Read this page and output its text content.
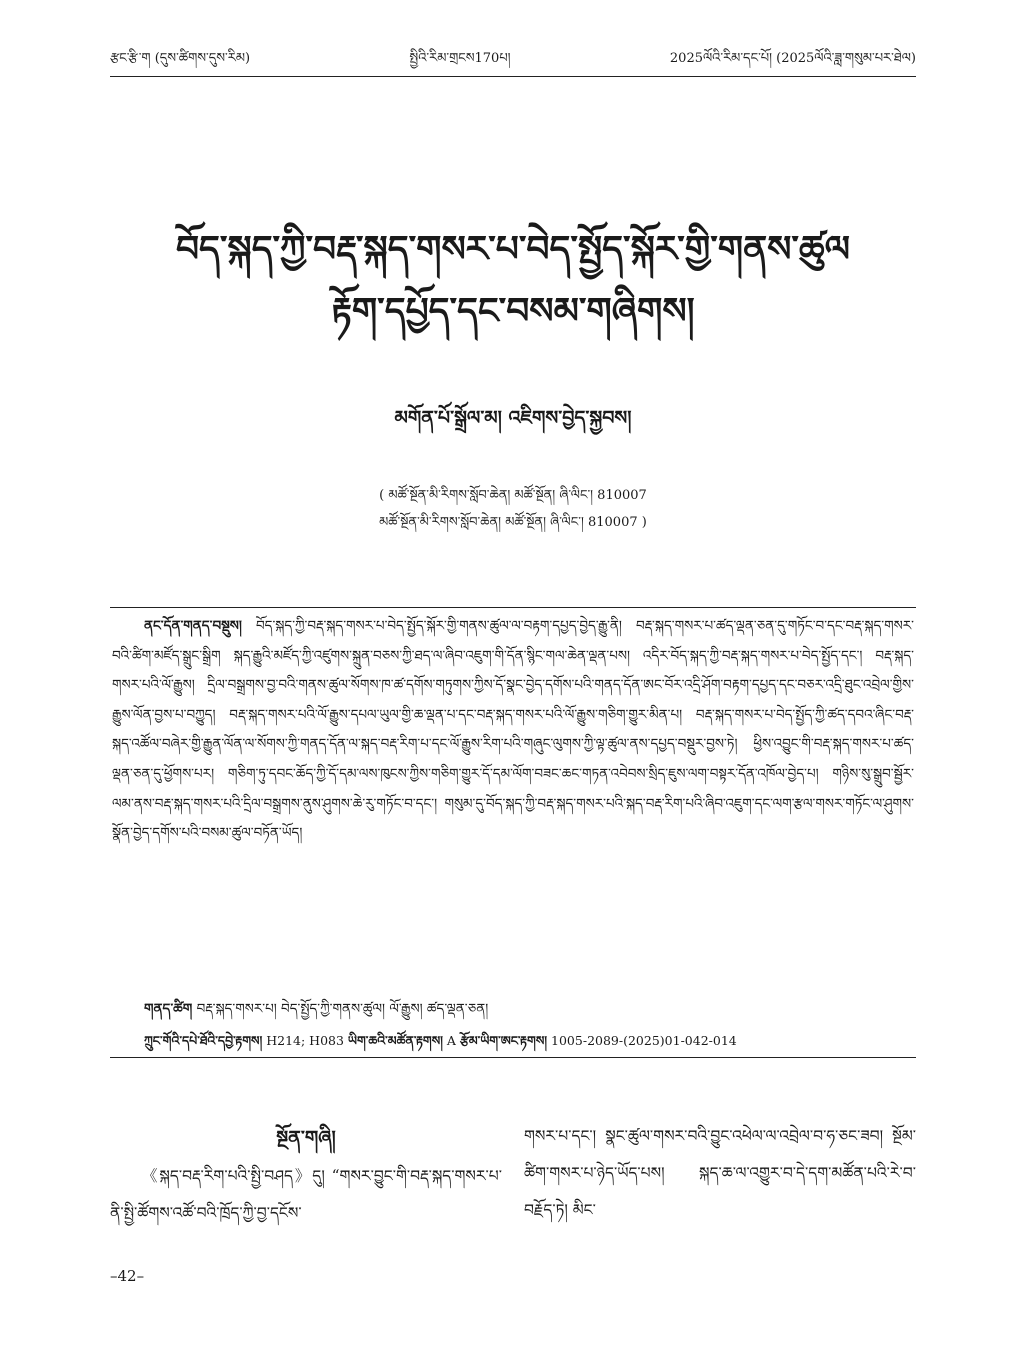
རྩང་རྩི་ག (དུས་ཚིགས་དུས་རིམ)	སྤྱིའི་རིམ་གྲངས170པ།	2025ལོའི་རིམ་དང་པོ། (2025ལོའི་ཟླ་གསུམ་པར་ཐེལ)
བོད་སྐད་ཀྱི་བརྡ་སྐད་གསར་པ་བེད་སྤྱོད་སྐོར་གྱི་གནས་ཚུལ
རྟོག་དཔྱོད་དང་བསམ་གཞིགས།
མགོན་པོ་སྒྲོལ་མ། འཇིགས་བྱེད་སྐྱབས།
( མཚོ་སྔོན་མི་རིགས་སློབ་ཆེན། མཚོ་སྔོན། ཞི་ལིང་། 810007
མཚོ་སྔོན་མི་རིགས་སློབ་ཆེན། མཚོ་སྔོན། ཞི་ལིང་། 810007 )

ནང་དོན་གནད་བསྡུས། བོད་སྐད་ཀྱི་བརྡ་སྐད་གསར་པ་བེད་སྤྱོད་སྐོར་གྱི་གནས་ཚུལ་ལ་བརྟག་དཔྱད་བྱེད་རྒྱུ་ནི། བརྡ་སྐད་གསར་པ་ཚད་ལྡན་ཅན་དུ་གཏོང་བ་དང་བརྡ་སྐད་གསར་བའི་ཚིག་མཛོད་སྒྲུང་སྒྲིག སྐད་རྒྱུའི་མཛོད་ཀྱི་འཛུགས་སྐྲུན་བཅས་ཀྱི་ཐད་ལ་ཞིབ་འཇུག་གི་དོན་སྙིང་གལ་ཆེན་ལྡན་པས། འདིར་བོད་སྐད་ཀྱི་བརྡ་སྐད་གསར་པ་བེད་སྤྱོད་དང་། བརྡ་སྐད་གསར་པའི་ལོ་རྒྱུས། དྲིལ་བསྒྲགས་བྱ་བའི་གནས་ཚུལ་སོགས་ཁ་ཚ་དགོས་གཏུགས་ཀྱིས་དོ་སྣང་བྱེད་དགོས་པའི་གནད་དོན་ཨང་བོར་འདྲི་ཤོག་བརྟག་དཔྱད་དང་བཅར་འདྲི་ཐུང་འབྲེལ་གྱིས་རྒྱུས་ལོན་བྱས་པ་བཀྱུད། བརྡ་སྐད་གསར་པའི་ལོ་རྒྱུས་དཔལ་ཡུལ་གྱི་ཆ་ལྡན་པ་དང་བརྡ་སྐད་གསར་པའི་ལོ་རྒྱུས་གཅིག་གྱུར་མིན་པ། བརྡ་སྐད་གསར་པ་བེད་སྤྱོད་ཀྱི་ཚད་དབའ་ཞིང་བརྡ་སྐད་འཚོལ་བཞེར་གྱི་རྒྱུན་ལོན་ལ་སོགས་ཀྱི་གནད་དོན་ལ་སྐད་བརྡ་རིག་པ་དང་ལོ་རྒྱུས་རིག་པའི་གཞུང་ལུགས་ཀྱི་ལྟ་ཚུལ་ནས་དཔྱད་བསྡུར་བྱས་ཏེ། ཕྱིས་འབྱུང་གི་བརྡ་སྐད་གསར་པ་ཚད་ལྡན་ཅན་དུ་ཕྱོགས་པར། གཅིག་ཏུ་དབང་ཆོད་ཀྱི་དོ་དམ་ལས་ཁུངས་ཀྱིས་གཅིག་གྱུར་དོ་དམ་ལོག་བཟང་ཆང་གཏན་འབེབས་སྲིད་ཇུས་ལག་བསྟར་དོན་འཁོལ་བྱེད་པ། གཉིས་སུ་སྒྲུབ་སྦྱོར་ལམ་ནས་བརྡ་སྐད་གསར་པའི་དྲིལ་བསྒྲགས་ནུས་ཤུགས་ཆེ་རུ་གཏོང་བ་དང་། གསུམ་དུ་བོད་སྐད་ཀྱི་བརྡ་སྐད་གསར་པའི་སྐད་བརྡ་རིག་པའི་ཞིབ་འཇུག་དང་ལག་རྩལ་གསར་གཏོང་ལ་ཤུགས་སྣོན་བྱེད་དགོས་པའི་བསམ་ཚུལ་བཏོན་ཡོད།

གནད་ཚིག བརྡ་སྐད་གསར་པ། བེད་སྤྱོད་ཀྱི་གནས་ཚུལ། ལོ་རྒྱུས། ཚད་ལྡན་ཅན།
ཀྲུང་གོའི་དཔེ་ཐོའི་དབྱེ་རྟགས། H214; H083 ཡིག་ཆའི་མཚོན་རྟགས། A རྩོམ་ཡིག་ཨང་རྟགས། 1005-2089-(2025)01-042-014
སྔོན་གཞི།

《སྐད་བརྡ་རིག་པའི་སྤྱི་བཤད》དུ། “གསར་བྱུང་གི་བརྡ་སྐད་གསར་པ་ནི་སྤྱི་ཚོགས་འཚོ་བའི་ཁྲོད་ཀྱི་བྱ་དངོས་

གསར་པ་དང་། སྣང་ཚུལ་གསར་བའི་བྱུང་འཕེལ་ལ་འབྲེལ་བ་ཧ་ཅང་ཟབ། སྔོམ་ཚིག་གསར་པ་ཉེད་ཡོད་པས། སྐད་ཆ་ལ་འགྱུར་བ་དེ་དག་མཚོན་པའི་རེ་བ་བརྗོད་ཏེ། མིང་

–42–
